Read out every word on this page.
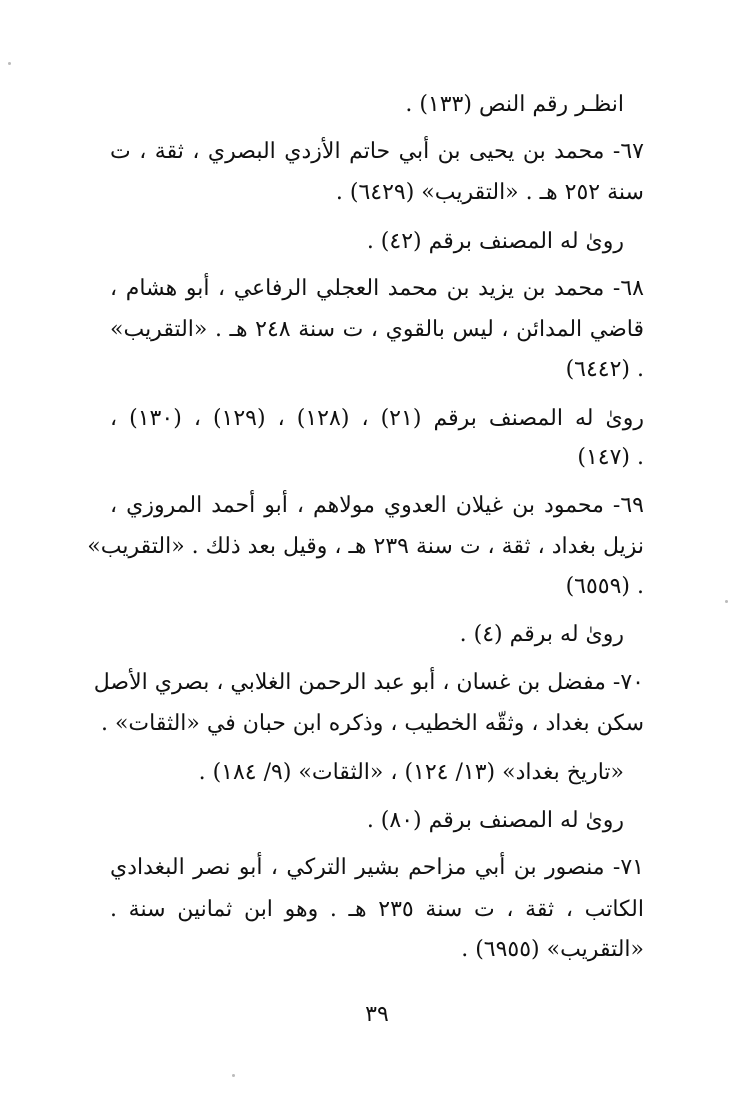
انظـر رقم النص (١٣٣) .
٦٧- محمد بن يحيى بن أبي حاتم الأزدي البصري ، ثقة ، ت
سنة ٢٥٢ هـ . «التقريب» (٦٤٢٩) .
روىٰ له المصنف برقم (٤٢) .
٦٨- محمد بن يزيد بن محمد العجلي الرفاعي ، أبو هشام ،
قاضي المدائن ، ليس بالقوي ، ت سنة ٢٤٨ هـ . «التقريب»
(٦٤٤٢) .
روىٰ له المصنف برقم (٢١) ، (١٢٨) ، (١٢٩) ، (١٣٠) ،
(١٤٧) .
٦٩- محمود بن غيلان العدوي مولاهم ، أبو أحمد المروزي ،
نزيل بغداد ، ثقة ، ت سنة ٢٣٩ هـ ، وقيل بعد ذلك . «التقريب»
(٦٥٥٩) .
روىٰ له برقم (٤) .
٧٠- مفضل بن غسان ، أبو عبد الرحمن الغلابي ، بصري الأصل
سكن بغداد ، وثقّه الخطيب ، وذكره ابن حبان في «الثقات» .
«تاريخ بغداد» (١٣/ ١٢٤) ، «الثقات» (٩/ ١٨٤) .
روىٰ له المصنف برقم (٨٠) .
٧١- منصور بن أبي مزاحم بشير التركي ، أبو نصر البغدادي
الكاتب ، ثقة ، ت سنة ٢٣٥ هـ . وهو ابن ثمانين سنة .
«التقريب» (٦٩٥٥) .
٣٩
